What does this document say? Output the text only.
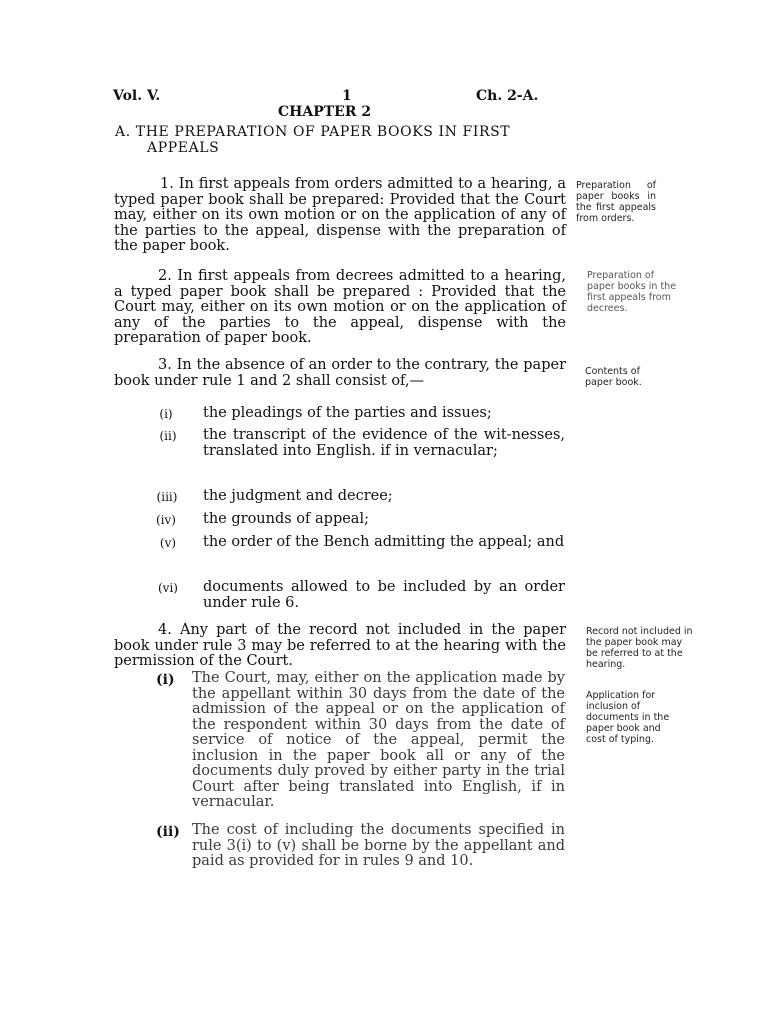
Vol. V.	1	Ch. 2-A.
CHAPTER 2
A. THE PREPARATION OF PAPER BOOKS IN FIRST
APPEALS
1. In first appeals from orders admitted to a hearing, a typed paper book shall be prepared: Provided that the Court may, either on its own motion or on the application of any of the parties to the appeal, dispense with the preparation of the paper book.
2. In first appeals from decrees admitted to a hearing, a typed paper book shall be prepared : Provided that the Court may, either on its own motion or on the application of any of the parties to the appeal, dispense with the preparation of paper book.
3. In the absence of an order to the contrary, the paper book under rule 1 and 2 shall consist of,—
(i)	the pleadings of the parties and issues;
(ii)	the transcript of the evidence of the wit-nesses, translated into English. if in vernacular;
(iii)	the judgment and decree;
(iv)	the grounds of appeal;
(v)	the order of the Bench admitting the appeal; and
(vi)	documents allowed to be included by an order under rule 6.
4. Any part of the record not included in the paper book under rule 3 may be referred to at the hearing with the permission of the Court.
(i) The Court, may, either on the application made by the appellant within 30 days from the date of the admission of the appeal or on the application of the respondent within 30 days from the date of service of notice of the appeal, permit the inclusion in the paper book all or any of the documents duly proved by either party in the trial Court after being translated into English, if in vernacular.
(ii) The cost of including the documents specified in rule 3(i) to (v) shall be borne by the appellant and paid as provided for in rules 9 and 10.
Preparation of paper books in the first appeals from orders.
Preparation of paper books in the first appeals from decrees.
Contents of paper book.
Record not included in the paper book may be referred to at the hearing.
Application for inclusion of documents in the paper book and cost of typing.
